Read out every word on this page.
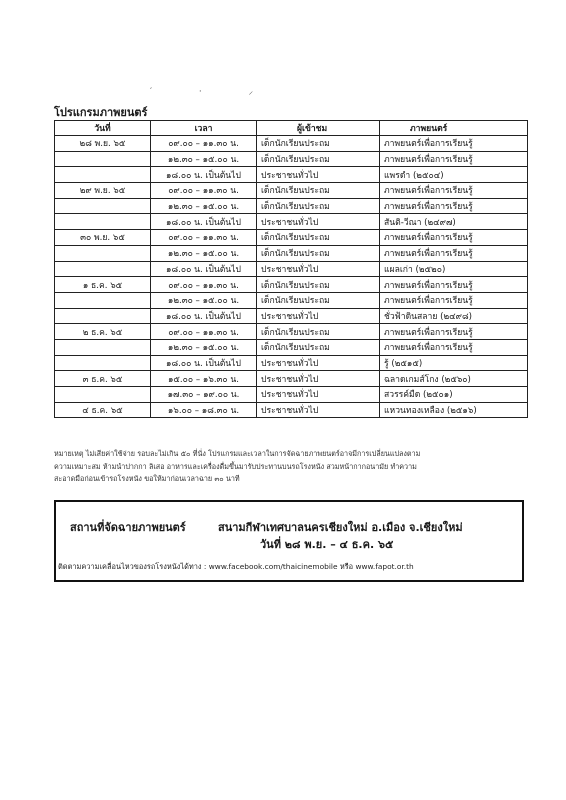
′ · ⸝
โปรแกรมภาพยนตร์
วันที่	เวลา	ผู้เข้าชม	ภาพยนตร์
๒๘ พ.ย. ๖๕	๐๙.๐๐ – ๑๑.๓๐ น.	เด็กนักเรียนประถม	ภาพยนตร์เพื่อการเรียนรู้
	๑๒.๓๐ – ๑๕.๐๐ น.	เด็กนักเรียนประถม	ภาพยนตร์เพื่อการเรียนรู้
	๑๘.๐๐ น. เป็นต้นไป	ประชาชนทั่วไป	แพรดำ (๒๕๐๔)
๒๙ พ.ย. ๖๕	๐๙.๐๐ – ๑๑.๓๐ น.	เด็กนักเรียนประถม	ภาพยนตร์เพื่อการเรียนรู้
	๑๒.๓๐ – ๑๕.๐๐ น.	เด็กนักเรียนประถม	ภาพยนตร์เพื่อการเรียนรู้
	๑๘.๐๐ น. เป็นต้นไป	ประชาชนทั่วไป	สันติ-วีณา (๒๔๙๗)
๓๐ พ.ย. ๖๕	๐๙.๐๐ – ๑๑.๓๐ น.	เด็กนักเรียนประถม	ภาพยนตร์เพื่อการเรียนรู้
	๑๒.๓๐ – ๑๕.๐๐ น.	เด็กนักเรียนประถม	ภาพยนตร์เพื่อการเรียนรู้
	๑๘.๐๐ น. เป็นต้นไป	ประชาชนทั่วไป	แผลเก่า (๒๕๒๐)
๑ ธ.ค. ๖๕	๐๙.๐๐ – ๑๑.๓๐ น.	เด็กนักเรียนประถม	ภาพยนตร์เพื่อการเรียนรู้
	๑๒.๓๐ – ๑๕.๐๐ น.	เด็กนักเรียนประถม	ภาพยนตร์เพื่อการเรียนรู้
	๑๘.๐๐ น. เป็นต้นไป	ประชาชนทั่วไป	ชั่วฟ้าดินสลาย (๒๔๙๘)
๒ ธ.ค. ๖๕	๐๙.๐๐ – ๑๑.๓๐ น.	เด็กนักเรียนประถม	ภาพยนตร์เพื่อการเรียนรู้
	๑๒.๓๐ – ๑๕.๐๐ น.	เด็กนักเรียนประถม	ภาพยนตร์เพื่อการเรียนรู้
	๑๘.๐๐ น. เป็นต้นไป	ประชาชนทั่วไป	รู้ (๒๕๑๕)
๓ ธ.ค. ๖๕	๑๕.๐๐ – ๑๖.๓๐ น.	ประชาชนทั่วไป	ฉลาดเกมส์โกง (๒๕๖๐)
	๑๗.๓๐ – ๑๙.๐๐ น.	ประชาชนทั่วไป	สวรรค์มืด (๒๕๐๑)
๔ ธ.ค. ๖๕	๑๖.๐๐ – ๑๘.๓๐ น.	ประชาชนทั่วไป	แหวนทองเหลือง (๒๕๑๖)
หมายเหตุ ไม่เสียค่าใช้จ่าย รอบละไม่เกิน ๕๐ ที่นั่ง โปรแกรมและเวลาในการจัดฉายภาพยนตร์อาจมีการเปลี่ยนแปลงตาม
ความเหมาะสม ห้ามนำปากกา ลิเสอ อาหารและเครื่องดื่มขึ้นมารับประทานบนรถโรงหนัง สวมหน้ากากอนามัย ทำความ
สะอาดมือก่อนเข้ารถโรงหนัง ขอให้มาก่อนเวลาฉาย ๓๐ นาที
สถานที่จัดฉายภาพยนตร์	สนามกีฬาเทศบาลนครเชียงใหม่ อ.เมือง จ.เชียงใหม่
วันที่ ๒๘ พ.ย. – ๔ ธ.ค. ๖๕
ติดตามความเคลื่อนไหวของรถโรงหนังได้ทาง : www.facebook.com/thaicinemobile หรือ www.fapot.or.th
